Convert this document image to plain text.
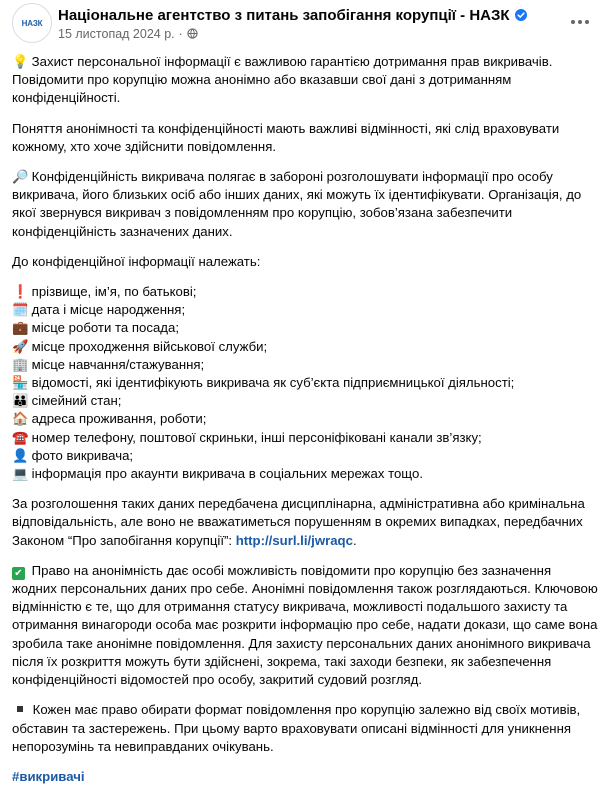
НАЗК Національне агентство з питань запобігання корупції - НАЗК
15 листопад 2024 р. ·

💡 Захист персональної інформації є важливою гарантією дотримання прав викривачів. Повідомити про корупцію можна анонімно або вказавши свої дані з дотриманням конфіденційності.

Поняття анонімності та конфіденційності мають важливі відмінності, які слід враховувати кожному, хто хоче здійснити повідомлення.

🔎 Конфіденційність викривача полягає в забороні розголошувати інформації про особу викривача, його близьких осіб або інших даних, які можуть їх ідентифікувати. Організація, до якої звернувся викривач з повідомленням про корупцію, зобов’язана забезпечити конфіденційність зазначених даних.

До конфіденційної інформації належать:

❗ прізвище, ім’я, по батькові;
🗓️ дата і місце народження;
💼 місце роботи та посада;
🚀 місце проходження військової служби;
🏢 місце навчання/стажування;
🏪 відомості, які ідентифікують викривача як суб’єкта підприємницької діяльності;
👪 сімейний стан;
🏠 адреса проживання, роботи;
☎️ номер телефону, поштової скриньки, інші персоніфіковані канали зв’язку;
👤 фото викривача;
💻 інформація про акаунти викривача в соціальних мережах тощо.

За розголошення таких даних передбачена дисциплінарна, адміністративна або кримінальна відповідальність, але воно не вважатиметься порушенням в окремих випадках, передбачних Законом “Про запобігання корупції”: http://surl.li/jwraqc.

✔ Право на анонімність дає особі можливість повідомити про корупцію без зазначення жодних персональних даних про себе. Анонімні повідомлення також розглядаються. Ключовою відмінністю є те, що для отримання статусу викривача, можливості подальшого захисту та отримання винагороди особа має розкрити інформацію про себе, надати докази, що саме вона зробила таке анонімне повідомлення. Для захисту персональних даних анонімного викривача після їх розкриття можуть бути здійснені, зокрема, такі заходи безпеки, як забезпечення конфіденційності відомостей про особу, закритий судовий розгляд.

Кожен має право обирати формат повідомлення про корупцію залежно від своїх мотивів, обставин та застережень. При цьому варто враховувати описані відмінності для уникнення непорозумінь та невиправданих очікувань.

#викривачі
